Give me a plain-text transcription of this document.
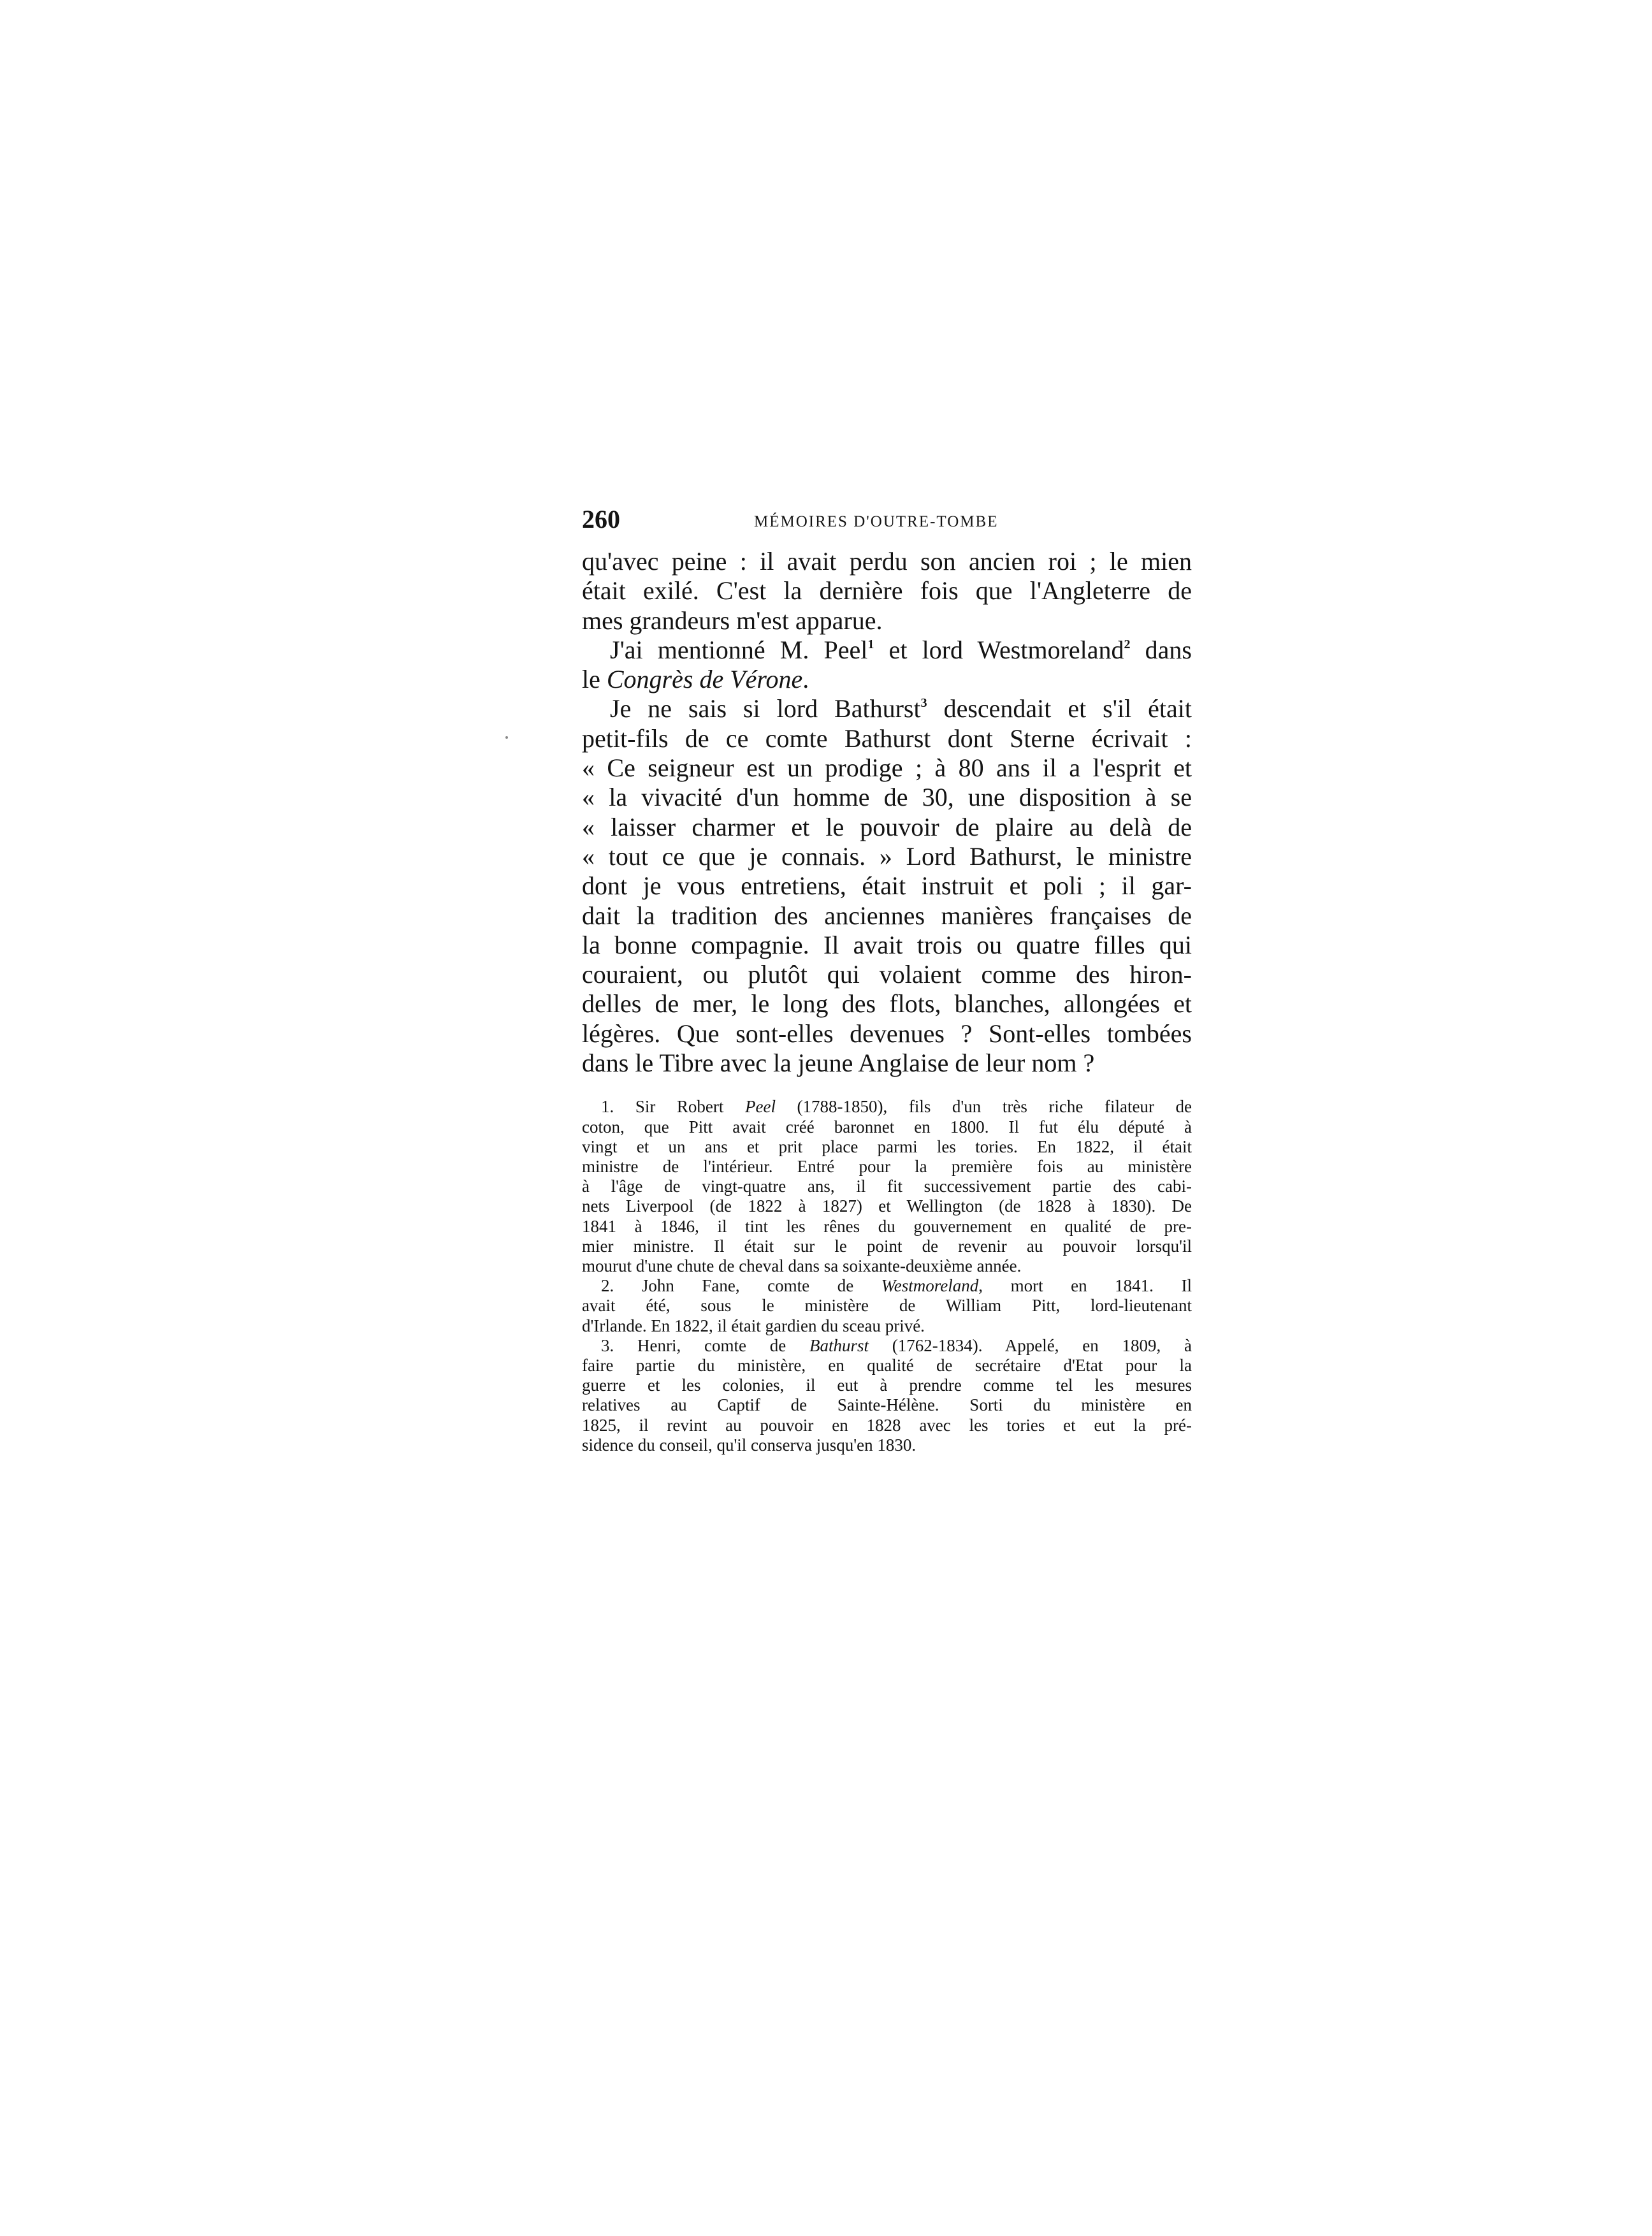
260	MÉMOIRES D'OUTRE-TOMBE

qu'avec peine : il avait perdu son ancien roi ; le mien
était exilé. C'est la dernière fois que l'Angleterre de
mes grandeurs m'est apparue.

J'ai mentionné M. Peel$^1$ et lord Westmoreland$^2$ dans
le Congrès de Vérone.

Je ne sais si lord Bathurst$^3$ descendait et s'il était
petit-fils de ce comte Bathurst dont Sterne écrivait :
« Ce seigneur est un prodige ; à 80 ans il a l'esprit et
« la vivacité d'un homme de 30, une disposition à se
« laisser charmer et le pouvoir de plaire au delà de
« tout ce que je connais. » Lord Bathurst, le ministre
dont je vous entretiens, était instruit et poli ; il gar-
dait la tradition des anciennes manières françaises de
la bonne compagnie. Il avait trois ou quatre filles qui
couraient, ou plutôt qui volaient comme des hiron-
delles de mer, le long des flots, blanches, allongées et
légères. Que sont-elles devenues ? Sont-elles tombées
dans le Tibre avec la jeune Anglaise de leur nom ?

1. Sir Robert Peel (1788-1850), fils d'un très riche filateur de
coton, que Pitt avait créé baronnet en 1800. Il fut élu député à
vingt et un ans et prit place parmi les tories. En 1822, il était
ministre de l'intérieur. Entré pour la première fois au ministère
à l'âge de vingt-quatre ans, il fit successivement partie des cabi-
nets Liverpool (de 1822 à 1827) et Wellington (de 1828 à 1830). De
1841 à 1846, il tint les rênes du gouvernement en qualité de pre-
mier ministre. Il était sur le point de revenir au pouvoir lorsqu'il
mourut d'une chute de cheval dans sa soixante-deuxième année.
2. John Fane, comte de Westmoreland, mort en 1841. Il
avait été, sous le ministère de William Pitt, lord-lieutenant
d'Irlande. En 1822, il était gardien du sceau privé.
3. Henri, comte de Bathurst (1762-1834). Appelé, en 1809, à
faire partie du ministère, en qualité de secrétaire d'Etat pour la
guerre et les colonies, il eut à prendre comme tel les mesures
relatives au Captif de Sainte-Hélène. Sorti du ministère en
1825, il revint au pouvoir en 1828 avec les tories et eut la pré-
sidence du conseil, qu'il conserva jusqu'en 1830.
